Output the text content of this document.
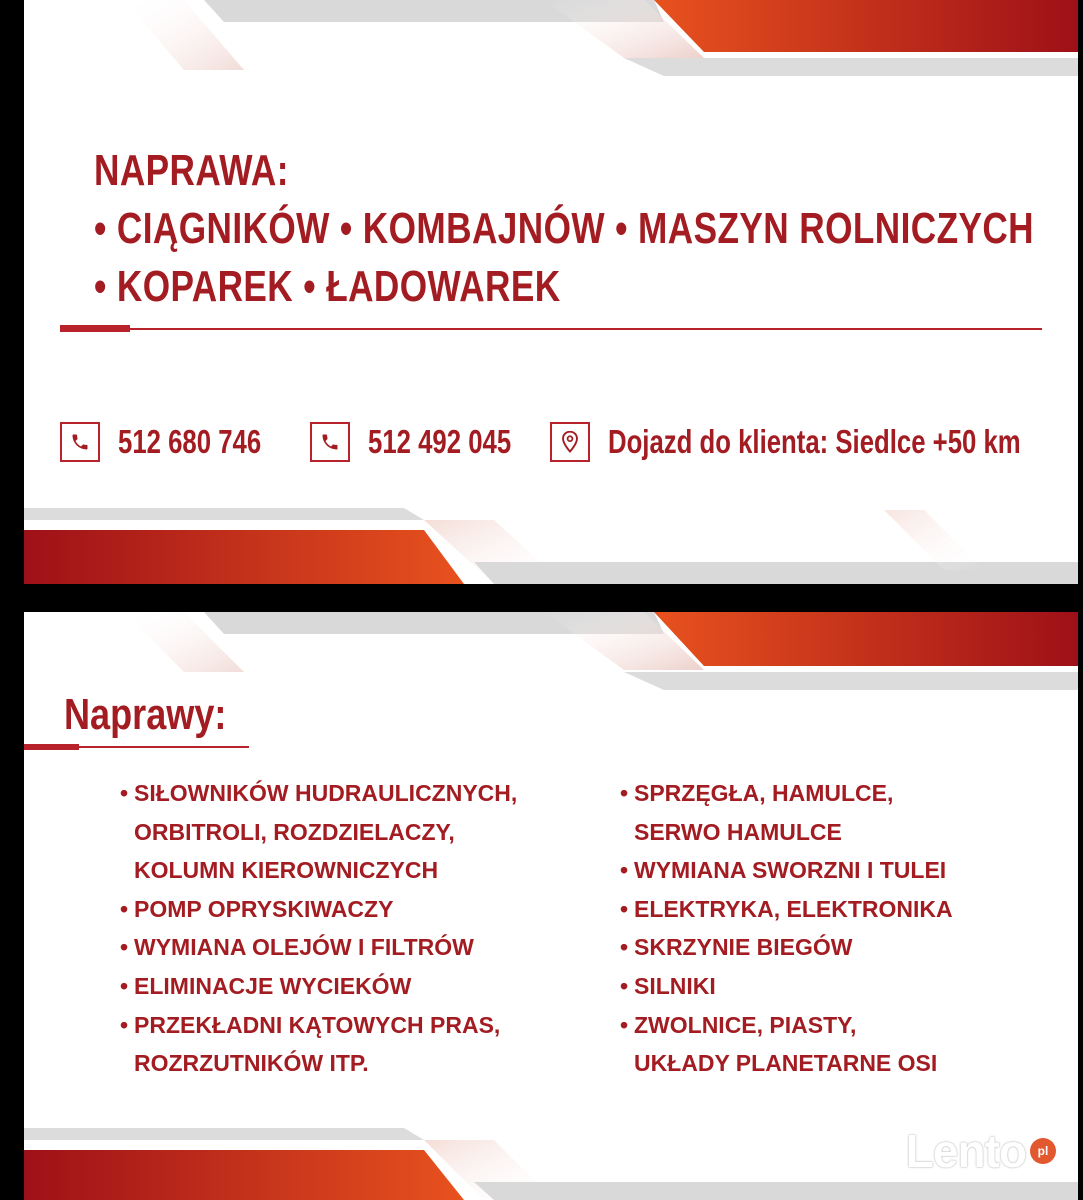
NAPRAWA:
• CIĄGNIKÓW • KOMBAJNÓW • MASZYN ROLNICZYCH
• KOPAREK • ŁADOWAREK
512 680 746	512 492 045	Dojazd do klienta: Siedlce +50 km
Naprawy:
• SIŁOWNIKÓW HUDRAULICZNYCH,
ORBITROLI, ROZDZIELACZY,
KOLUMN KIEROWNICZYCH
• POMP OPRYSKIWACZY
• WYMIANA OLEJÓW I FILTRÓW
• ELIMINACJE WYCIEKÓW
• PRZEKŁADNI KĄTOWYCH PRAS,
ROZRZUTNIKÓW ITP.
• SPRZĘGŁA, HAMULCE,
SERWO HAMULCE
• WYMIANA SWORZNI I TULEI
• ELEKTRYKA, ELEKTRONIKA
• SKRZYNIE BIEGÓW
• SILNIKI
• ZWOLNICE, PIASTY,
UKŁADY PLANETARNE OSI
Lento pl
